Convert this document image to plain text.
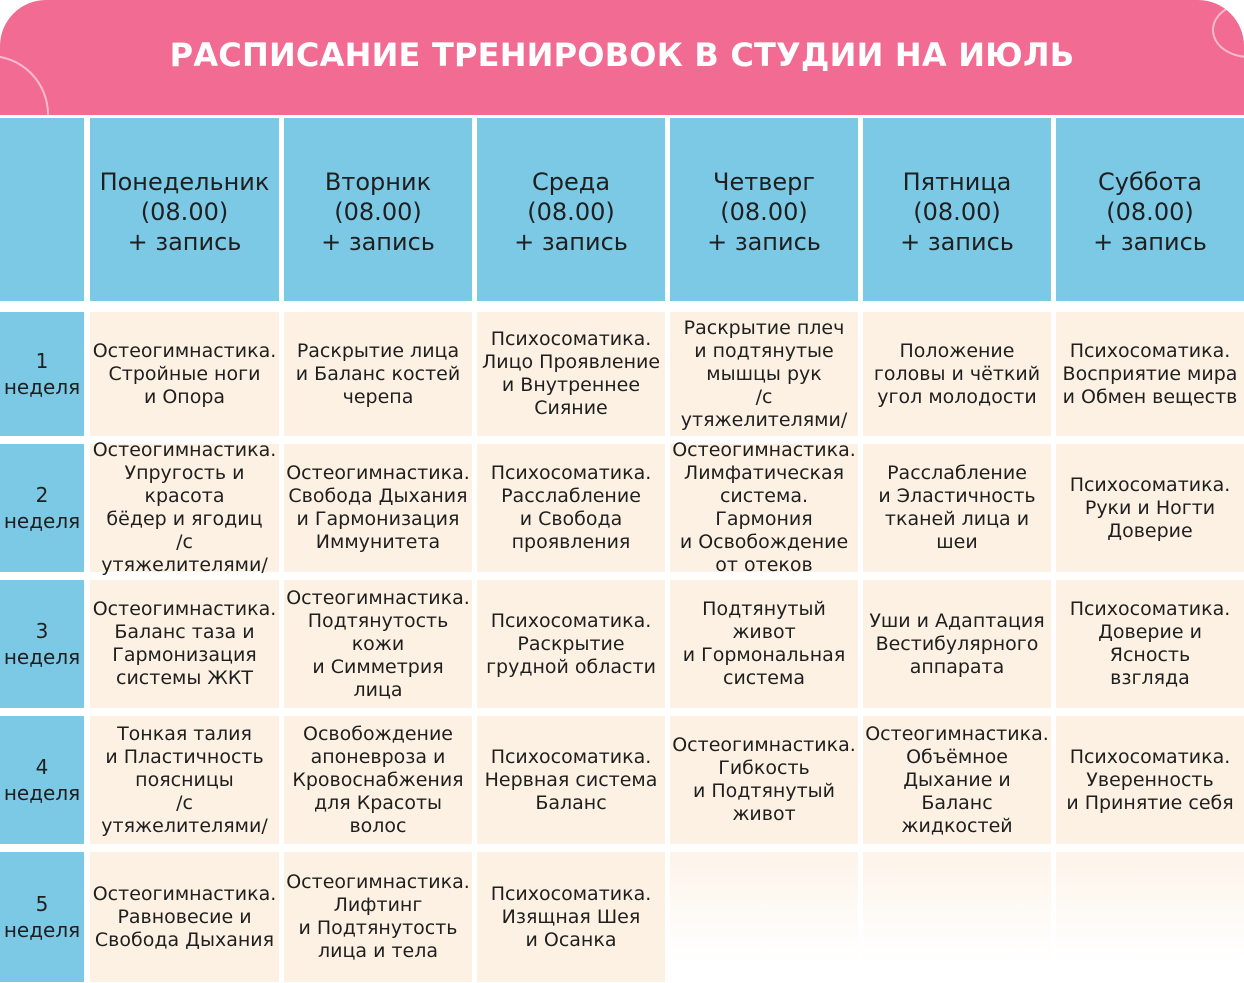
РАСПИСАНИЕ ТРЕНИРОВОК В СТУДИИ НА ИЮЛЬ
Понедельник
(08.00)
+ запись
Вторник
(08.00)
+ запись
Среда
(08.00)
+ запись
Четверг
(08.00)
+ запись
Пятница
(08.00)
+ запись
Суббота
(08.00)
+ запись
1
неделя
Остеогимнастика.
Стройные ноги
и Опора
Раскрытие лица
и Баланс костей
черепа
Психосоматика.
Лицо Проявление
и Внутреннее
Сияние
Раскрытие плеч
и подтянутые
мышцы рук
/с утяжелителями/
Положение
головы и чёткий
угол молодости
Психосоматика.
Восприятие мира
и Обмен веществ
2
неделя
Остеогимнастика.
Упругость и красота
бёдер и ягодиц
/с утяжелителями/
Остеогимнастика.
Свобода Дыхания
и Гармонизация
Иммунитета
Психосоматика.
Расслабление
и Свобода
проявления
Остеогимнастика.
Лимфатическая
система. Гармония
и Освобождение
от отеков
Расслабление
и Эластичность
тканей лица и шеи
Психосоматика.
Руки и Ногти
Доверие
3
неделя
Остеогимнастика.
Баланс таза и
Гармонизация
системы ЖКТ
Остеогимнастика.
Подтянутость кожи
и Симметрия лица
Психосоматика.
Раскрытие
грудной области
Подтянутый живот
и Гормональная
система
Уши и Адаптация
Вестибулярного
аппарата
Психосоматика.
Доверие и Ясность
взгляда
4
неделя
Тонкая талия
и Пластичность
поясницы
/с утяжелителями/
Освобождение
апоневроза и
Кровоснабжения
для Красоты волос
Психосоматика.
Нервная система
Баланс
Остеогимнастика.
Гибкость
и Подтянутый
живот
Остеогимнастика.
Объёмное
Дыхание и Баланс
жидкостей
Психосоматика.
Уверенность
и Принятие себя
5
неделя
Остеогимнастика.
Равновесие и
Свобода Дыхания
Остеогимнастика.
Лифтинг
и Подтянутость
лица и тела
Психосоматика.
Изящная Шея
и Осанка
